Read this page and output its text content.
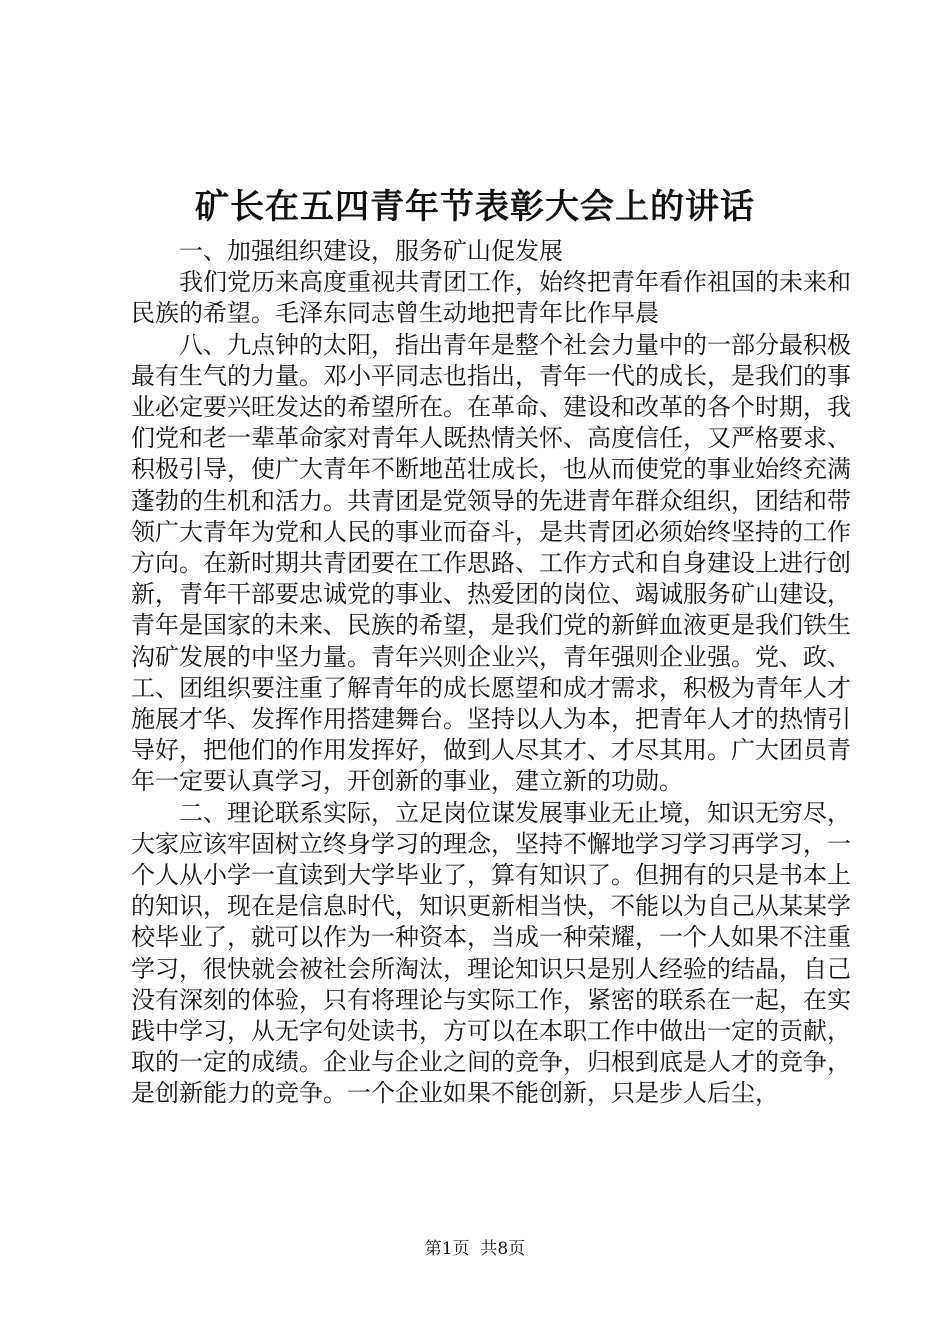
矿长在五四青年节表彰大会上的讲话

一、加强组织建设，服务矿山促发展

我们党历来高度重视共青团工作，始终把青年看作祖国的未来和民族的希望。毛泽东同志曾生动地把青年比作早晨

八、九点钟的太阳，指出青年是整个社会力量中的一部分最积极最有生气的力量。邓小平同志也指出，青年一代的成长，是我们的事业必定要兴旺发达的希望所在。在革命、建设和改革的各个时期，我们党和老一辈革命家对青年人既热情关怀、高度信任，又严格要求、积极引导，使广大青年不断地茁壮成长，也从而使党的事业始终充满蓬勃的生机和活力。共青团是党领导的先进青年群众组织，团结和带领广大青年为党和人民的事业而奋斗，是共青团必须始终坚持的工作方向。在新时期共青团要在工作思路、工作方式和自身建设上进行创新，青年干部要忠诚党的事业、热爱团的岗位、竭诚服务矿山建设，青年是国家的未来、民族的希望，是我们党的新鲜血液更是我们铁生沟矿发展的中坚力量。青年兴则企业兴，青年强则企业强。党、政、工、团组织要注重了解青年的成长愿望和成才需求，积极为青年人才施展才华、发挥作用搭建舞台。坚持以人为本，把青年人才的热情引导好，把他们的作用发挥好，做到人尽其才、才尽其用。广大团员青年一定要认真学习，开创新的事业，建立新的功勋。

二、理论联系实际，立足岗位谋发展事业无止境，知识无穷尽，大家应该牢固树立终身学习的理念，坚持不懈地学习学习再学习，一个人从小学一直读到大学毕业了，算有知识了。但拥有的只是书本上的知识，现在是信息时代，知识更新相当快，不能以为自己从某某学校毕业了，就可以作为一种资本，当成一种荣耀，一个人如果不注重学习，很快就会被社会所淘汰，理论知识只是别人经验的结晶，自己没有深刻的体验，只有将理论与实际工作，紧密的联系在一起，在实践中学习，从无字句处读书，方可以在本职工作中做出一定的贡献，取的一定的成绩。企业与企业之间的竞争，归根到底是人才的竞争，是创新能力的竞争。一个企业如果不能创新，只是步人后尘，

第1页 共8页
